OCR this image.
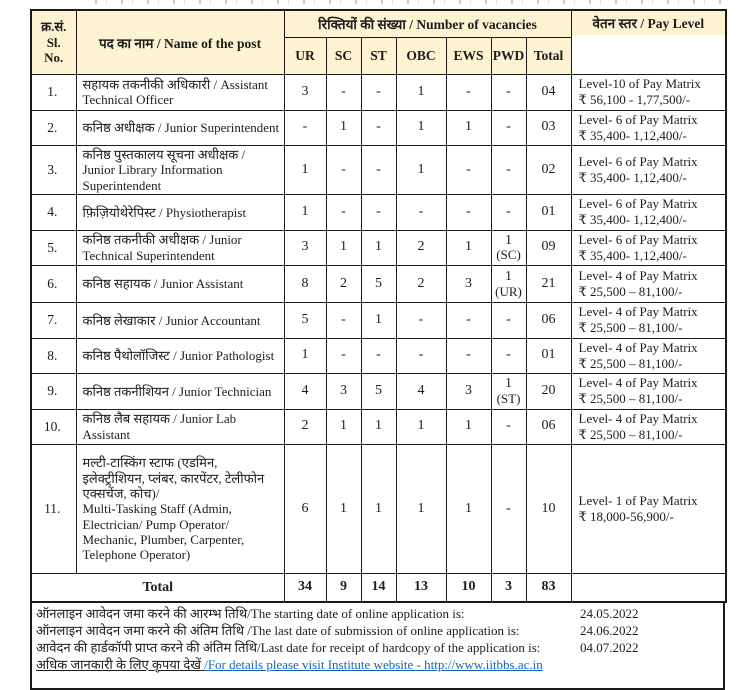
क्र.सं.
Sl.
No.	पद का नाम / Name of the post	रिक्तियों की संख्या / Number of vacancies							वेतन स्तर / Pay Level
		UR	SC	ST	OBC	EWS	PWD	Total	
1.	सहायक तकनीकी अधिकारी / Assistant Technical Officer	3	-	-	1	-	-	04	Level-10 of Pay Matrix
₹ 56,100 - 1,77,500/-

2.	कनिष्ठ अधीक्षक / Junior Superintendent	-	1	-	1	1	-	03	Level- 6 of Pay Matrix
₹ 35,400- 1,12,400/-

3.	कनिष्ठ पुस्तकालय सूचना अधीक्षक / Junior Library Information Superintendent	1	-	-	1	-	-	02	Level- 6 of Pay Matrix
₹ 35,400- 1,12,400/-

4.	फ़िज़ियोथेरेपिस्ट / Physiotherapist	1	-	-	-	-	-	01	Level- 6 of Pay Matrix
₹ 35,400- 1,12,400/-

5.	कनिष्ठ तकनीकी अधीक्षक / Junior Technical Superintendent	3	1	1	2	1	1
(SC)	09	Level- 6 of Pay Matrix
₹ 35,400- 1,12,400/-

6.	कनिष्ठ सहायक / Junior Assistant	8	2	5	2	3	1
(UR)	21	Level- 4 of Pay Matrix
₹ 25,500 – 81,100/-

7.	कनिष्ठ लेखाकार / Junior Accountant	5	-	1	-	-	-	06	Level- 4 of Pay Matrix
₹ 25,500 – 81,100/-

8.	कनिष्ठ पैथोलॉजिस्ट / Junior Pathologist	1	-	-	-	-	-	01	Level- 4 of Pay Matrix
₹ 25,500 – 81,100/-

9.	कनिष्ठ तकनीशियन / Junior Technician	4	3	5	4	3	1
(ST)	20	Level- 4 of Pay Matrix
₹ 25,500 – 81,100/-

10.	कनिष्ठ लैब सहायक / Junior Lab Assistant	2	1	1	1	1	-	06	Level- 4 of Pay Matrix
₹ 25,500 – 81,100/-

11.	मल्टी-टास्किंग स्टाफ (एडमिन, इलेक्ट्रीशियन, प्लंबर, कारपेंटर, टेलीफोन एक्सचेंज, कोच)/
Multi-Tasking Staff (Admin, Electrician/ Pump Operator/ Mechanic, Plumber, Carpenter, Telephone Operator)	6	1	1	1	1	-	10	Level- 1 of Pay Matrix
₹ 18,000-56,900/-

Total		34	9	14	13	10	3	83	
ऑनलाइन आवेदन जमा करने की आरम्भ तिथि/The starting date of online application is:	24.05.2022
ऑनलाइन आवेदन जमा करने की अंतिम तिथि /The last date of submission of online application is:	24.06.2022
आवेदन की हार्डकॉपी प्राप्त करने की अंतिम तिथि/Last date for receipt of hardcopy of the application is:	04.07.2022
अधिक जानकारी के लिए कृपया देखें /For details please visit Institute website - http://www.iitbbs.ac.in
